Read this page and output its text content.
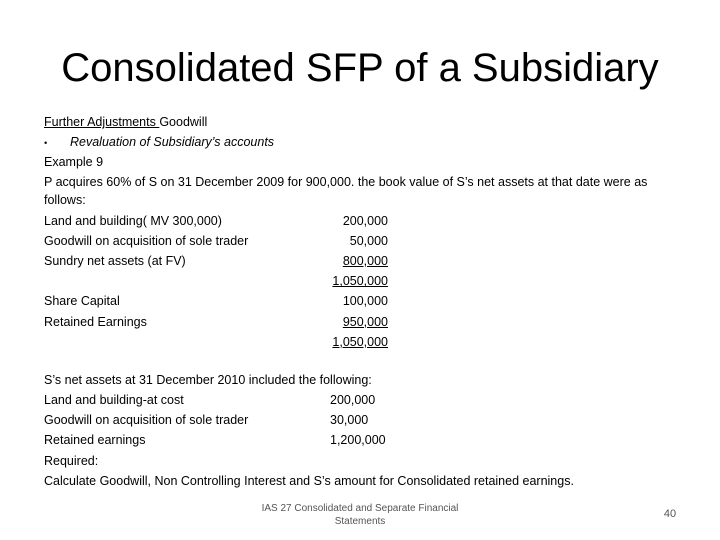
Consolidated SFP of a Subsidiary
Further Adjustments Goodwill
• Revaluation of Subsidiary’s accounts
Example 9
P acquires 60% of S on 31 December 2009 for 900,000. the book value of S’s net assets at that date were as follows:
Land and building( MV 300,000)	200,000
Goodwill on acquisition of sole trader	50,000
Sundry net assets (at FV)	800,000
1,050,000
Share Capital	100,000
Retained Earnings	950,000
1,050,000
S’s net assets at 31 December 2010 included the following:
Land and building-at cost	200,000
Goodwill on acquisition of sole trader	30,000
Retained earnings	1,200,000
Required:
Calculate Goodwill, Non Controlling Interest and S’s amount for Consolidated retained earnings.
IAS 27 Consolidated and Separate Financial Statements
40
